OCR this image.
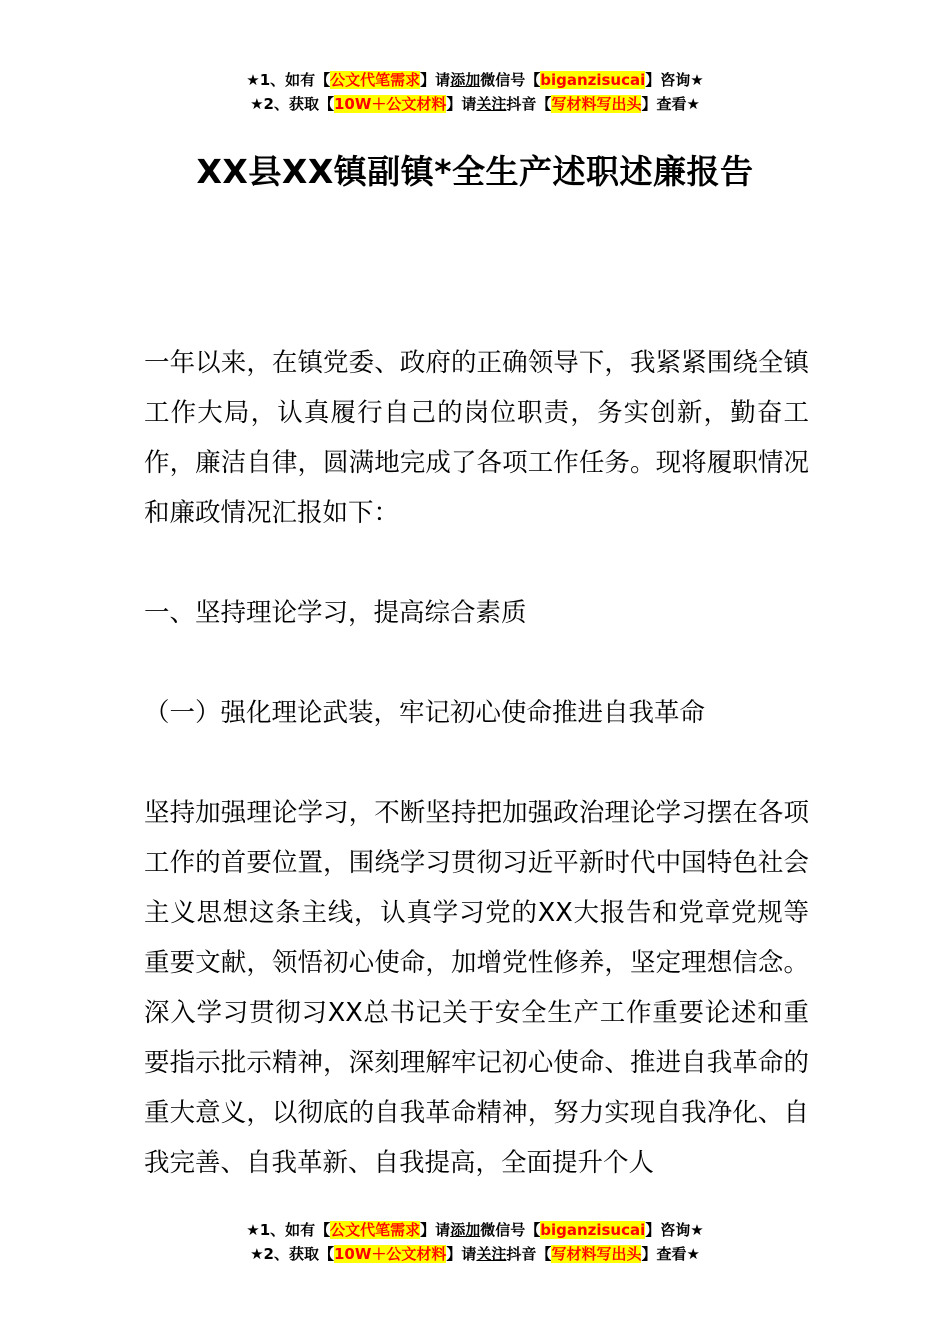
★1、如有【公文代笔需求】请添加微信号【biganzisucai】咨询★
★2、获取【10W＋公文材料】请关注抖音【写材料写出头】查看★
XX县XX镇副镇*全生产述职述廉报告

一年以来，在镇党委、政府的正确领导下，我紧紧围绕全镇工作大局，认真履行自己的岗位职责，务实创新，勤奋工作，廉洁自律，圆满地完成了各项工作任务。现将履职情况和廉政情况汇报如下：

一、坚持理论学习，提高综合素质

（一）强化理论武装，牢记初心使命推进自我革命

坚持加强理论学习，不断坚持把加强政治理论学习摆在各项工作的首要位置，围绕学习贯彻习近平新时代中国特色社会主义思想这条主线，认真学习党的XX大报告和党章党规等重要文献，领悟初心使命，加增党性修养，坚定理想信念。深入学习贯彻习XX总书记关于安全生产工作重要论述和重要指示批示精神，深刻理解牢记初心使命、推进自我革命的重大意义，以彻底的自我革命精神，努力实现自我净化、自我完善、自我革新、自我提高，全面提升个人

★1、如有【公文代笔需求】请添加微信号【biganzisucai】咨询★
★2、获取【10W＋公文材料】请关注抖音【写材料写出头】查看★
